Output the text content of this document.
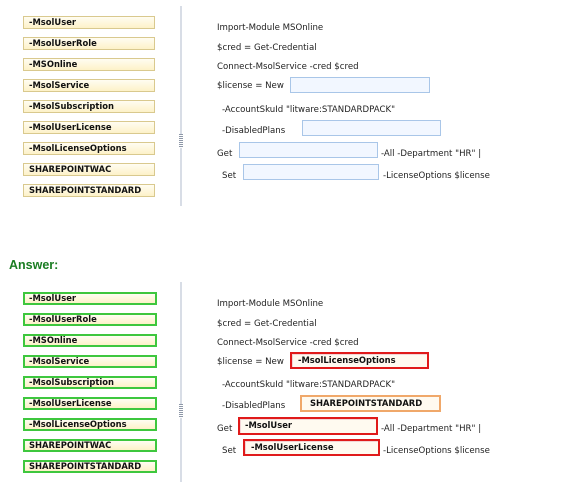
-MsolUser
-MsolUserRole
-MSOnline
-MsolService
-MsolSubscription
-MsolUserLicense
-MsolLicenseOptions
SHAREPOINTWAC
SHAREPOINTSTANDARD
Import-Module MSOnline
$cred = Get-Credential
Connect-MsolService -cred $cred
$license = New
-AccountSkuId "litware:STANDARDPACK"
-DisabledPlans
Get	-All -Department "HR" |
Set	-LicenseOptions $license
Answer:
-MsolUser
-MsolUserRole
-MSOnline
-MsolService
-MsolSubscription
-MsolUserLicense
-MsolLicenseOptions
SHAREPOINTWAC
SHAREPOINTSTANDARD
Import-Module MSOnline
$cred = Get-Credential
Connect-MsolService -cred $cred
$license = New -MsolLicenseOptions
-AccountSkuId "litware:STANDARDPACK"
-DisabledPlans	SHAREPOINTSTANDARD
Get -MsolUser	-All -Department "HR" |
Set -MsolUserLicense	-LicenseOptions $license
